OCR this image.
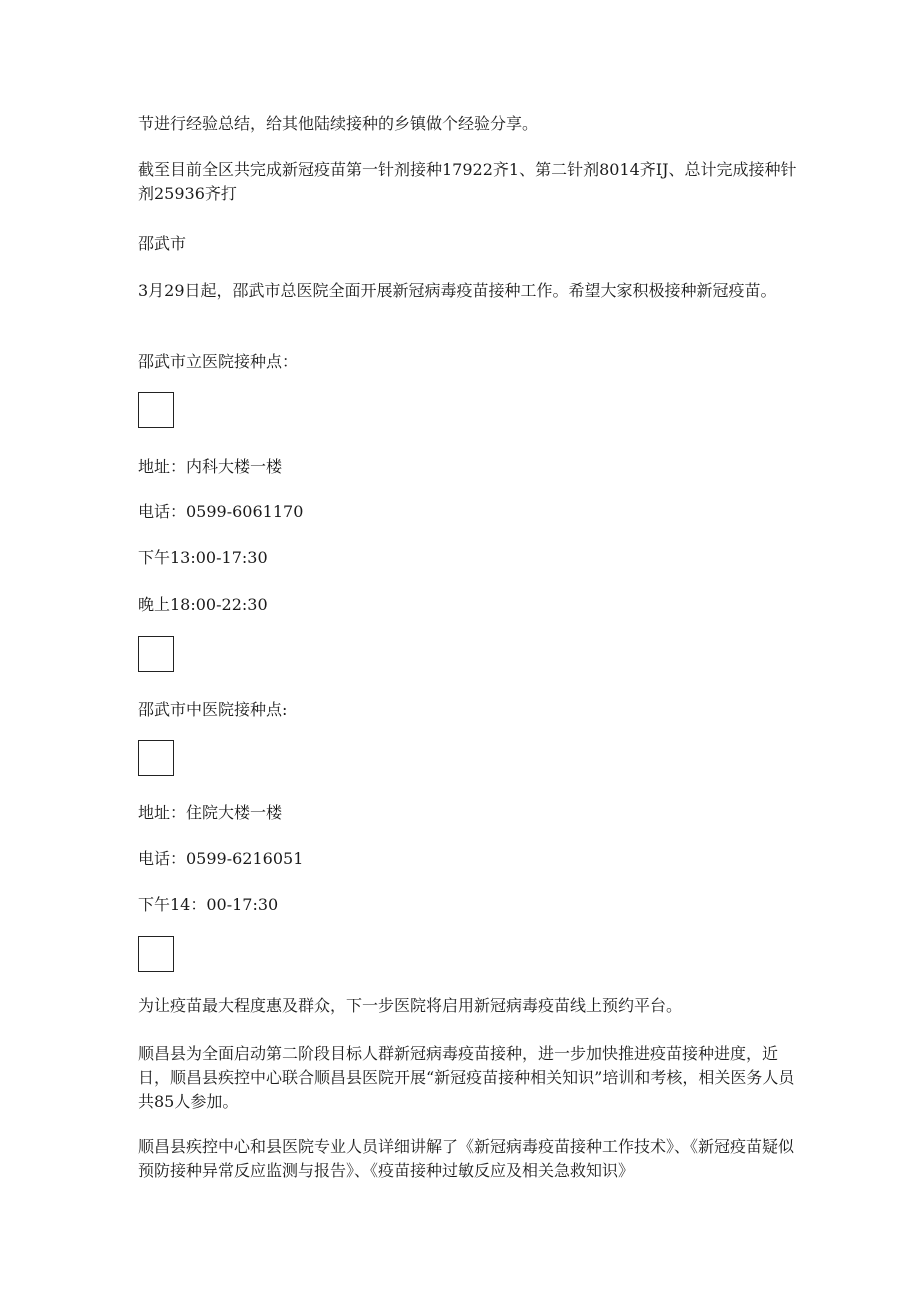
节进行经验总结，给其他陆续接种的乡镇做个经验分享。

截至目前全区共完成新冠疫苗第一针剂接种17922齐1、第二针剂8014齐IJ、总计完成接种针剂25936齐打

邵武市

3月29日起，邵武市总医院全面开展新冠病毒疫苗接种工作。希望大家积极接种新冠疫苗。

邵武市立医院接种点：

地址：内科大楼一楼

电话：0599-6061170

下午13:00-17:30

晚上18:00-22:30

邵武市中医院接种点:

地址：住院大楼一楼

电话：0599-6216051

下午14：00-17:30

为让疫苗最大程度惠及群众，下一步医院将启用新冠病毒疫苗线上预约平台。

顺昌县为全面启动第二阶段目标人群新冠病毒疫苗接种，进一步加快推进疫苗接种进度，近日，顺昌县疾控中心联合顺昌县医院开展“新冠疫苗接种相关知识”培训和考核，相关医务人员共85人参加。

顺昌县疾控中心和县医院专业人员详细讲解了《新冠病毒疫苗接种工作技术》、《新冠疫苗疑似预防接种异常反应监测与报告》、《疫苗接种过敏反应及相关急救知识》
